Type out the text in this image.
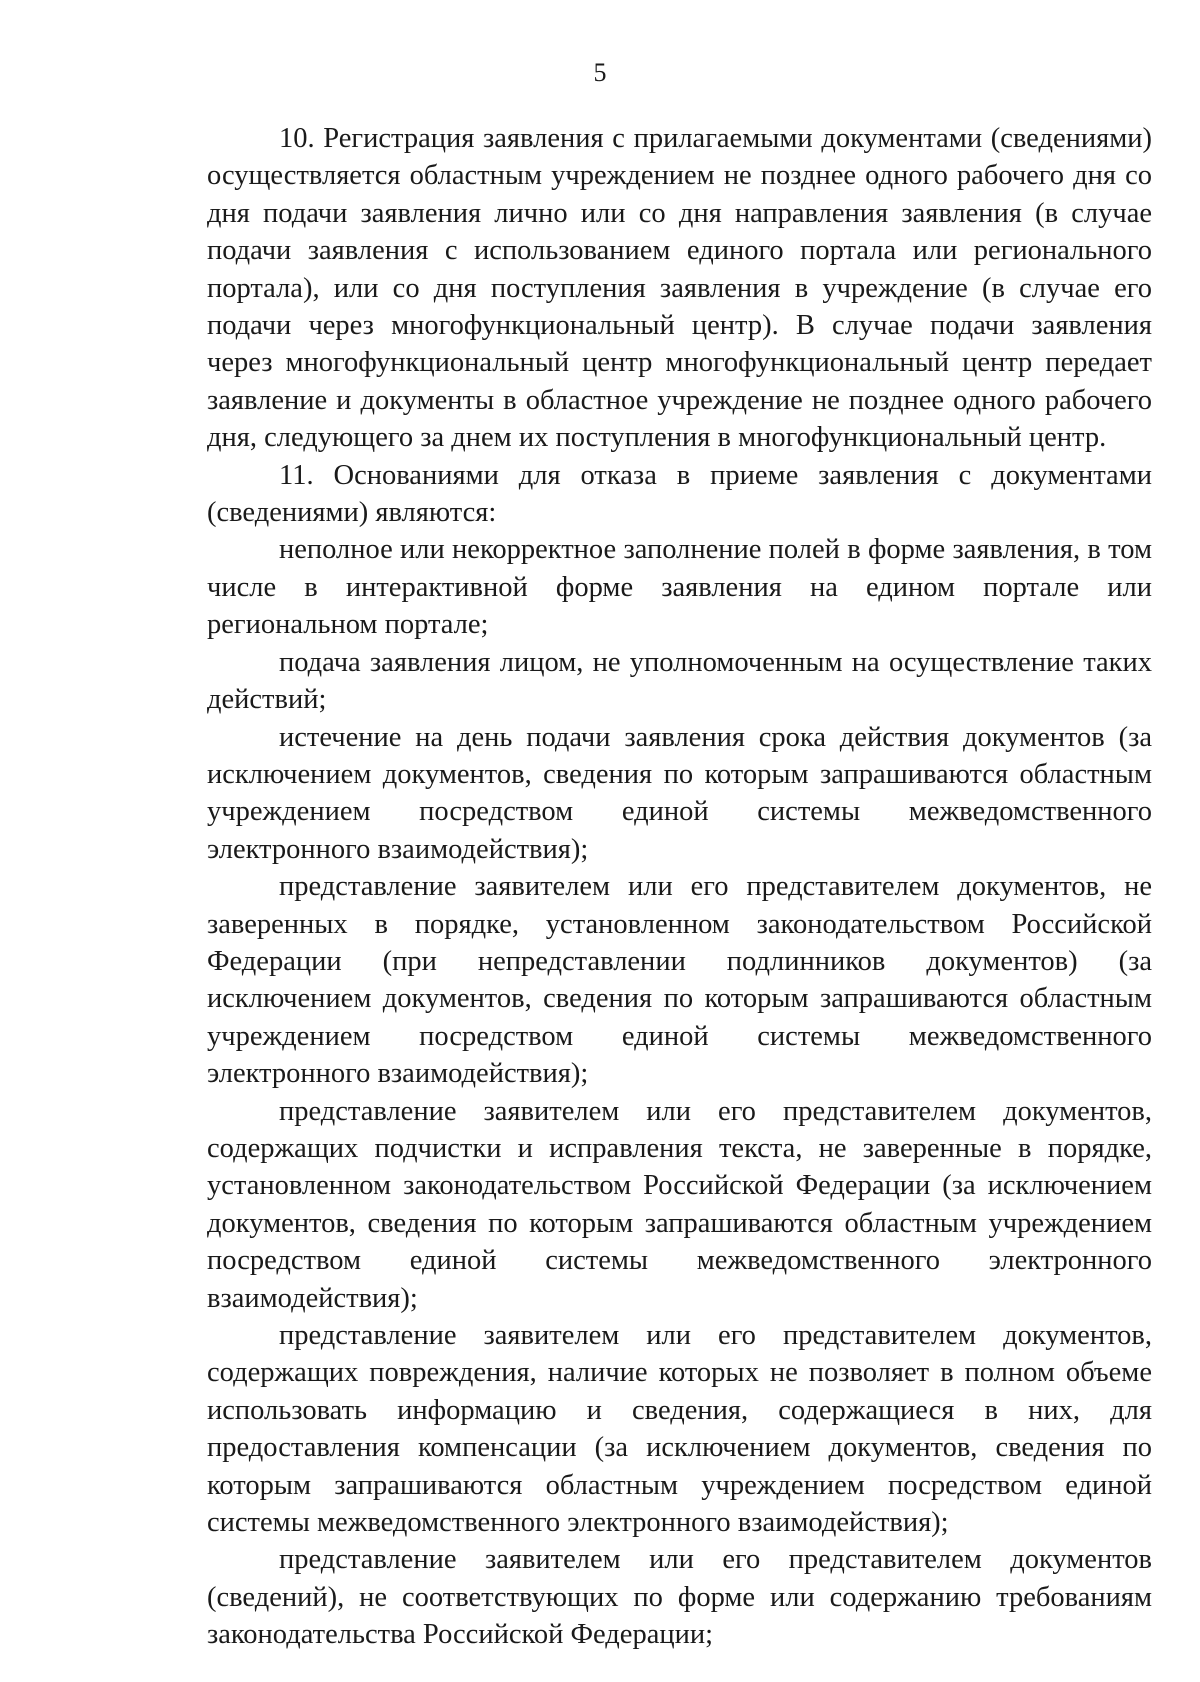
5

10. Регистрация заявления с прилагаемыми документами (сведениями) осуществляется областным учреждением не позднее одного рабочего дня со дня подачи заявления лично или со дня направления заявления (в случае подачи заявления с использованием единого портала или регионального портала), или со дня поступления заявления в учреждение (в случае его подачи через многофункциональный центр). В случае подачи заявления через многофункциональный центр многофункциональный центр передает заявление и документы в областное учреждение не позднее одного рабочего дня, следующего за днем их поступления в многофункциональный центр.

11. Основаниями для отказа в приеме заявления с документами (сведениями) являются:

неполное или некорректное заполнение полей в форме заявления, в том числе в интерактивной форме заявления на едином портале или региональном портале;

подача заявления лицом, не уполномоченным на осуществление таких действий;

истечение на день подачи заявления срока действия документов (за исключением документов, сведения по которым запрашиваются областным учреждением посредством единой системы межведомственного электронного взаимодействия);

представление заявителем или его представителем документов, не заверенных в порядке, установленном законодательством Российской Федерации (при непредставлении подлинников документов) (за исключением документов, сведения по которым запрашиваются областным учреждением посредством единой системы межведомственного электронного взаимодействия);

представление заявителем или его представителем документов, содержащих подчистки и исправления текста, не заверенные в порядке, установленном законодательством Российской Федерации (за исключением документов, сведения по которым запрашиваются областным учреждением посредством единой системы межведомственного электронного взаимодействия);

представление заявителем или его представителем документов, содержащих повреждения, наличие которых не позволяет в полном объеме использовать информацию и сведения, содержащиеся в них, для предоставления компенсации (за исключением документов, сведения по которым запрашиваются областным учреждением посредством единой системы межведомственного электронного взаимодействия);

представление заявителем или его представителем документов (сведений), не соответствующих по форме или содержанию требованиям законодательства Российской Федерации;
